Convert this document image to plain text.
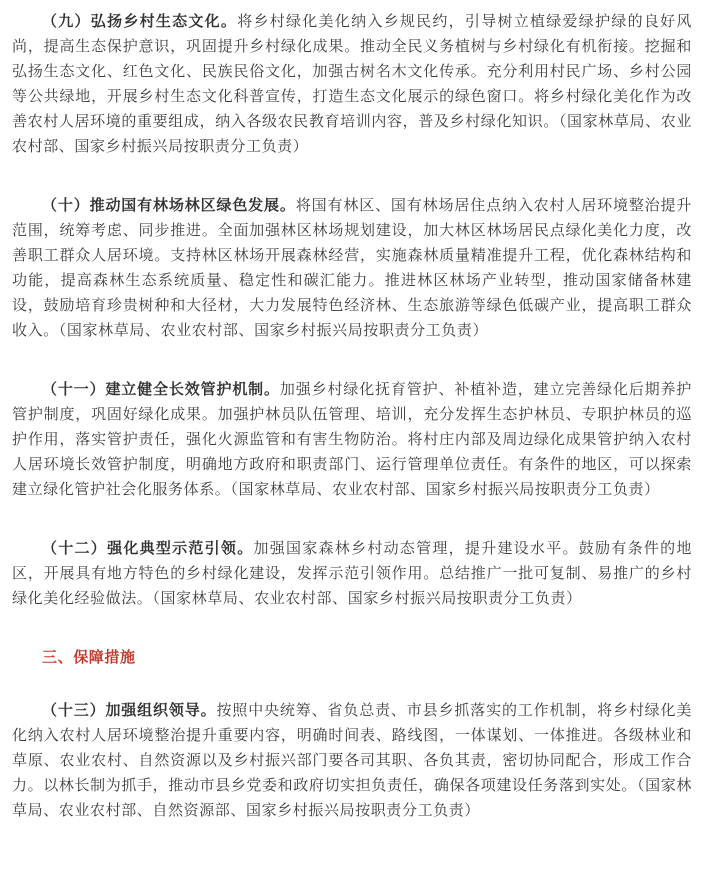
（九）弘扬乡村生态文化。将乡村绿化美化纳入乡规民约，引导树立植绿爱绿护绿的良好风尚，提高生态保护意识，巩固提升乡村绿化成果。推动全民义务植树与乡村绿化有机衔接。挖掘和弘扬生态文化、红色文化、民族民俗文化，加强古树名木文化传承。充分利用村民广场、乡村公园等公共绿地，开展乡村生态文化科普宣传，打造生态文化展示的绿色窗口。将乡村绿化美化作为改善农村人居环境的重要组成，纳入各级农民教育培训内容，普及乡村绿化知识。（国家林草局、农业农村部、国家乡村振兴局按职责分工负责）

（十）推动国有林场林区绿色发展。将国有林区、国有林场居住点纳入农村人居环境整治提升范围，统筹考虑、同步推进。全面加强林区林场规划建设，加大林区林场居民点绿化美化力度，改善职工群众人居环境。支持林区林场开展森林经营，实施森林质量精准提升工程，优化森林结构和功能，提高森林生态系统质量、稳定性和碳汇能力。推进林区林场产业转型，推动国家储备林建设，鼓励培育珍贵树种和大径材，大力发展特色经济林、生态旅游等绿色低碳产业，提高职工群众收入。（国家林草局、农业农村部、国家乡村振兴局按职责分工负责）

（十一）建立健全长效管护机制。加强乡村绿化抚育管护、补植补造，建立完善绿化后期养护管护制度，巩固好绿化成果。加强护林员队伍管理、培训，充分发挥生态护林员、专职护林员的巡护作用，落实管护责任，强化火源监管和有害生物防治。将村庄内部及周边绿化成果管护纳入农村人居环境长效管护制度，明确地方政府和职责部门、运行管理单位责任。有条件的地区，可以探索建立绿化管护社会化服务体系。（国家林草局、农业农村部、国家乡村振兴局按职责分工负责）

（十二）强化典型示范引领。加强国家森林乡村动态管理，提升建设水平。鼓励有条件的地区，开展具有地方特色的乡村绿化建设，发挥示范引领作用。总结推广一批可复制、易推广的乡村绿化美化经验做法。（国家林草局、农业农村部、国家乡村振兴局按职责分工负责）

三、保障措施

（十三）加强组织领导。按照中央统筹、省负总责、市县乡抓落实的工作机制，将乡村绿化美化纳入农村人居环境整治提升重要内容，明确时间表、路线图，一体谋划、一体推进。各级林业和草原、农业农村、自然资源以及乡村振兴部门要各司其职、各负其责，密切协同配合，形成工作合力。以林长制为抓手，推动市县乡党委和政府切实担负责任，确保各项建设任务落到实处。（国家林草局、农业农村部、自然资源部、国家乡村振兴局按职责分工负责）
